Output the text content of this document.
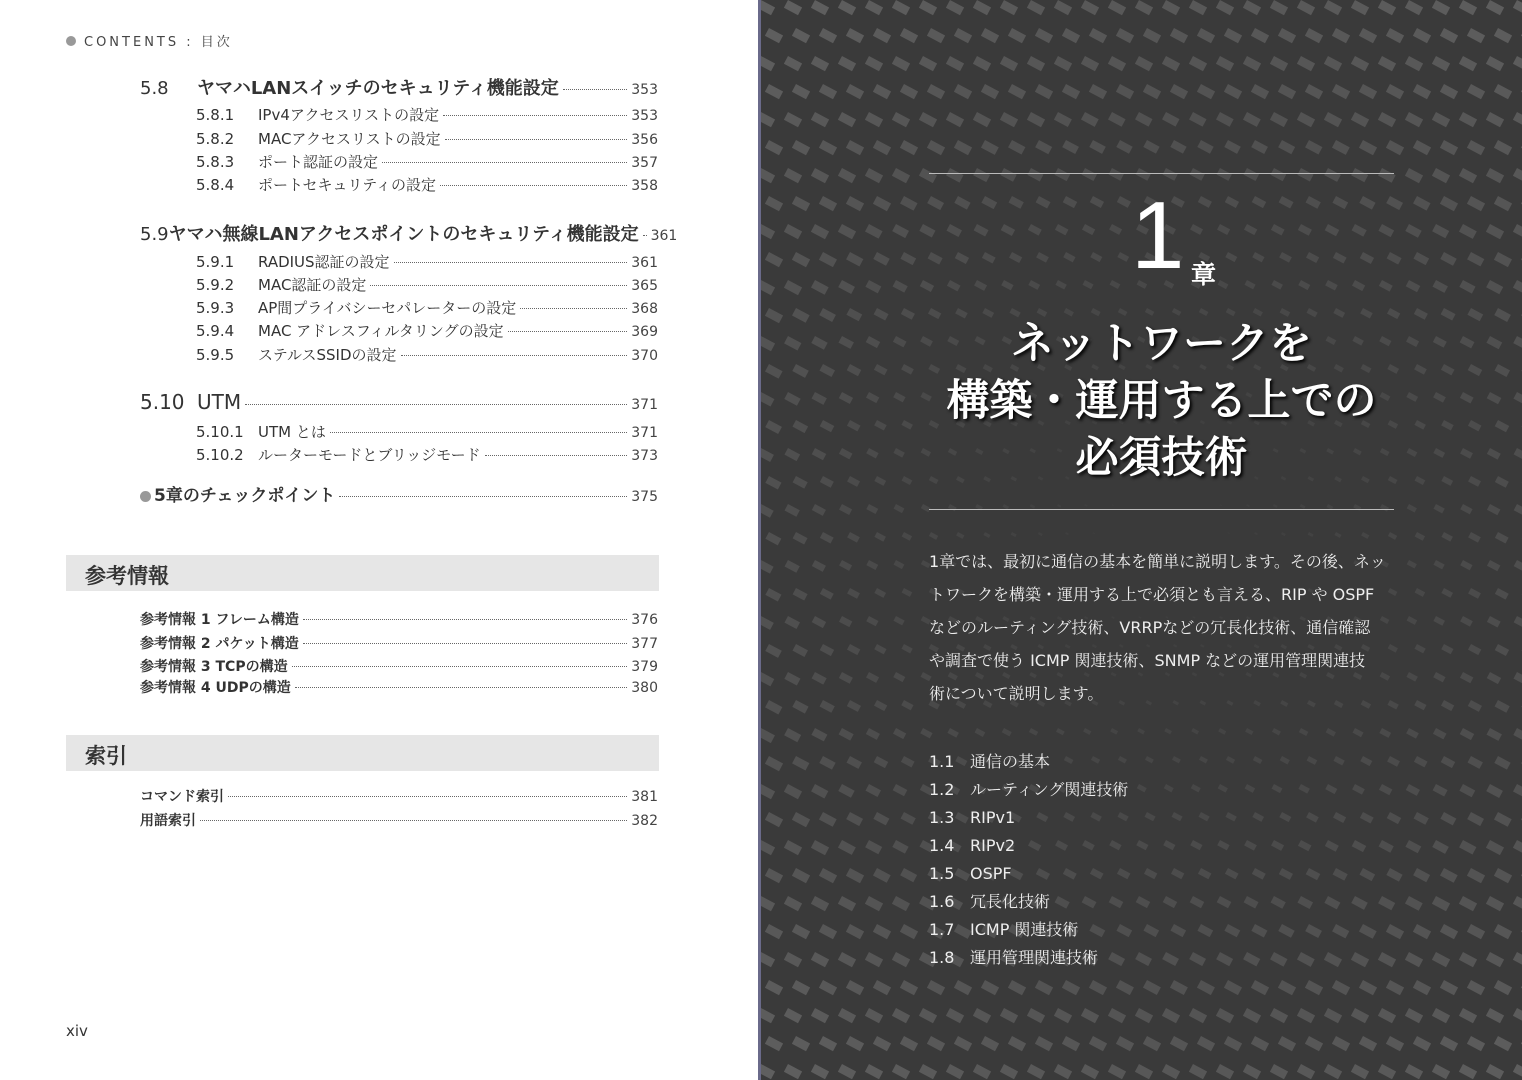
CONTENTS : 目次
5.8	ヤマハLANスイッチのセキュリティ機能設定	353
5.8.1	IPv4アクセスリストの設定	353
5.8.2	MACアクセスリストの設定	356
5.8.3	ポート認証の設定	357
5.8.4	ポートセキュリティの設定	358
5.9 ヤマハ無線LANアクセスポイントのセキュリティ機能設定 361
5.9.1	RADIUS認証の設定	361
5.9.2	MAC認証の設定	365
5.9.3	AP間プライバシーセパレーターの設定	368
5.9.4	MAC アドレスフィルタリングの設定	369
5.9.5	ステルスSSIDの設定	370
5.10 UTM	371
5.10.1 UTM とは	371
5.10.2 ルーターモードとブリッジモード	373
5章のチェックポイント	375
参考情報
参考情報 1 フレーム構造	376
参考情報 2 パケット構造	377
参考情報 3 TCPの構造	379
参考情報 4 UDPの構造	380
索引
コマンド索引	381
用語索引	382
xiv
1 章
ネットワークを
構築・運用する上での
必須技術
1章では、最初に通信の基本を簡単に説明します。その後、ネッ
トワークを構築・運用する上で必須とも言える、RIP や OSPF
などのルーティング技術、VRRPなどの冗長化技術、通信確認
や調査で使う ICMP 関連技術、SNMP などの運用管理関連技
術について説明します。
1.1 通信の基本
1.2 ルーティング関連技術
1.3 RIPv1
1.4 RIPv2
1.5 OSPF
1.6 冗長化技術
1.7 ICMP 関連技術
1.8 運用管理関連技術
